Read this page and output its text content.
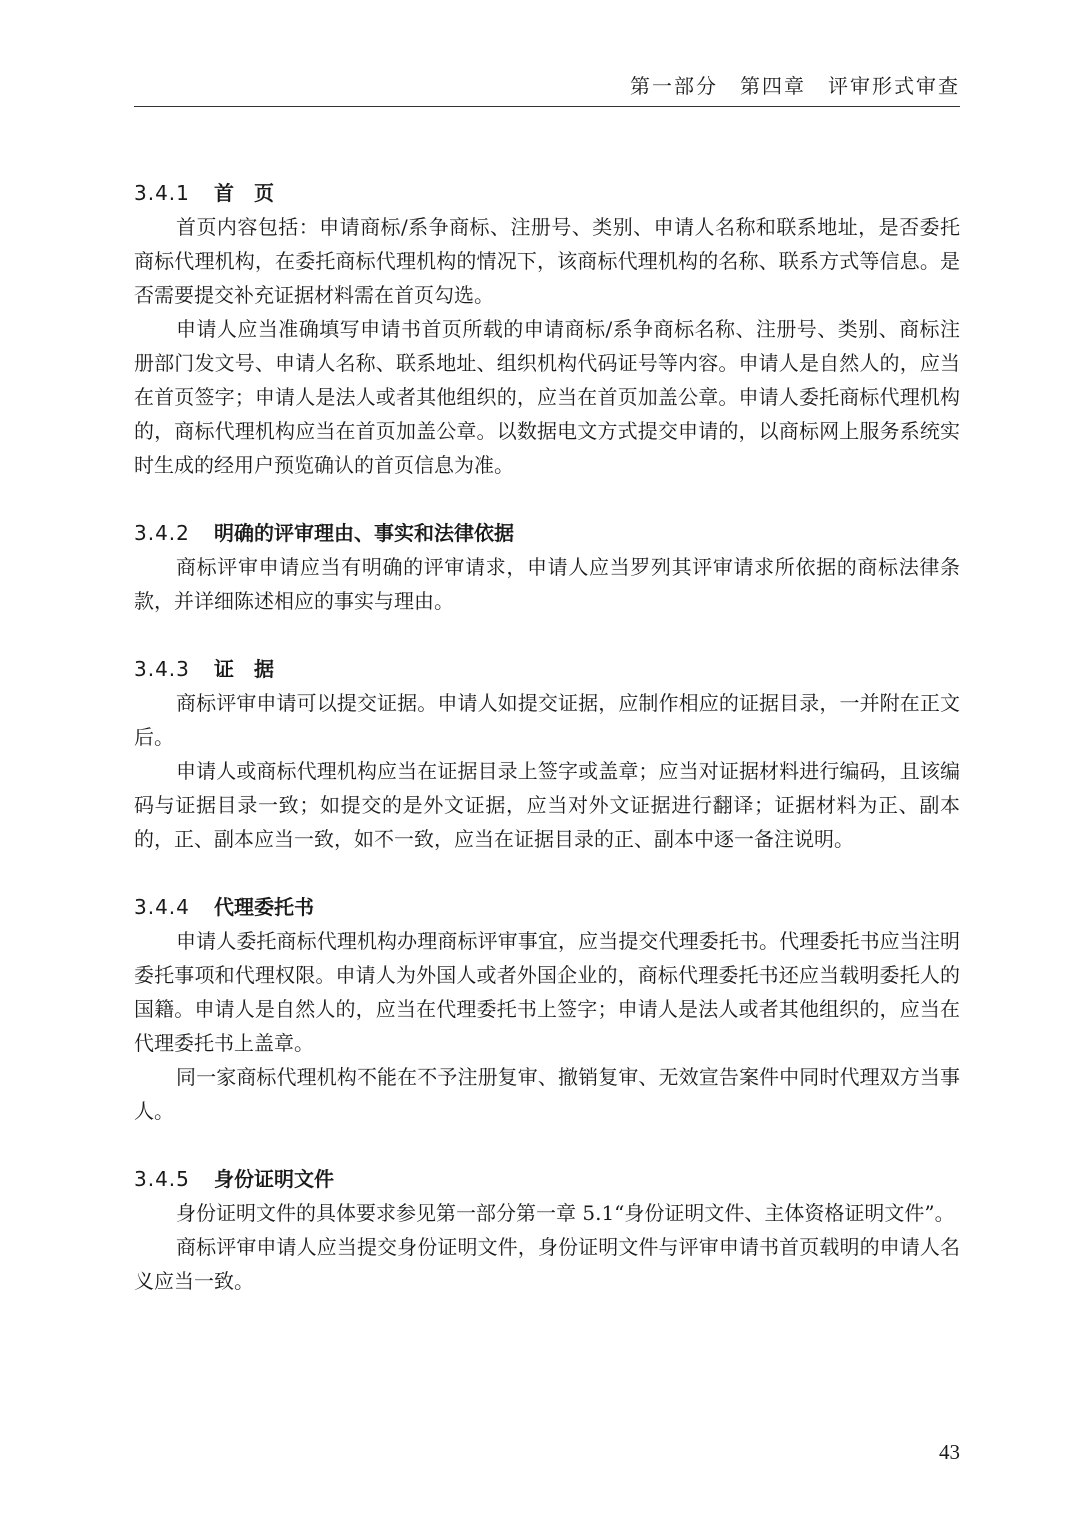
第一部分　第四章　评审形式审查
3.4.1 首　页

首页内容包括：申请商标/系争商标、注册号、类别、申请人名称和联系地址，是否委托商标代理机构，在委托商标代理机构的情况下，该商标代理机构的名称、联系方式等信息。是否需要提交补充证据材料需在首页勾选。

申请人应当准确填写申请书首页所载的申请商标/系争商标名称、注册号、类别、商标注册部门发文号、申请人名称、联系地址、组织机构代码证号等内容。申请人是自然人的，应当在首页签字；申请人是法人或者其他组织的，应当在首页加盖公章。申请人委托商标代理机构的，商标代理机构应当在首页加盖公章。以数据电文方式提交申请的，以商标网上服务系统实时生成的经用户预览确认的首页信息为准。

3.4.2 明确的评审理由、事实和法律依据

商标评审申请应当有明确的评审请求，申请人应当罗列其评审请求所依据的商标法律条款，并详细陈述相应的事实与理由。

3.4.3 证　据

商标评审申请可以提交证据。申请人如提交证据，应制作相应的证据目录，一并附在正文后。

申请人或商标代理机构应当在证据目录上签字或盖章；应当对证据材料进行编码，且该编码与证据目录一致；如提交的是外文证据，应当对外文证据进行翻译；证据材料为正、副本的，正、副本应当一致，如不一致，应当在证据目录的正、副本中逐一备注说明。

3.4.4 代理委托书

申请人委托商标代理机构办理商标评审事宜，应当提交代理委托书。代理委托书应当注明委托事项和代理权限。申请人为外国人或者外国企业的，商标代理委托书还应当载明委托人的国籍。申请人是自然人的，应当在代理委托书上签字；申请人是法人或者其他组织的，应当在代理委托书上盖章。

同一家商标代理机构不能在不予注册复审、撤销复审、无效宣告案件中同时代理双方当事人。

3.4.5 身份证明文件

身份证明文件的具体要求参见第一部分第一章 5.1“身份证明文件、主体资格证明文件”。

商标评审申请人应当提交身份证明文件，身份证明文件与评审申请书首页载明的申请人名义应当一致。

43
